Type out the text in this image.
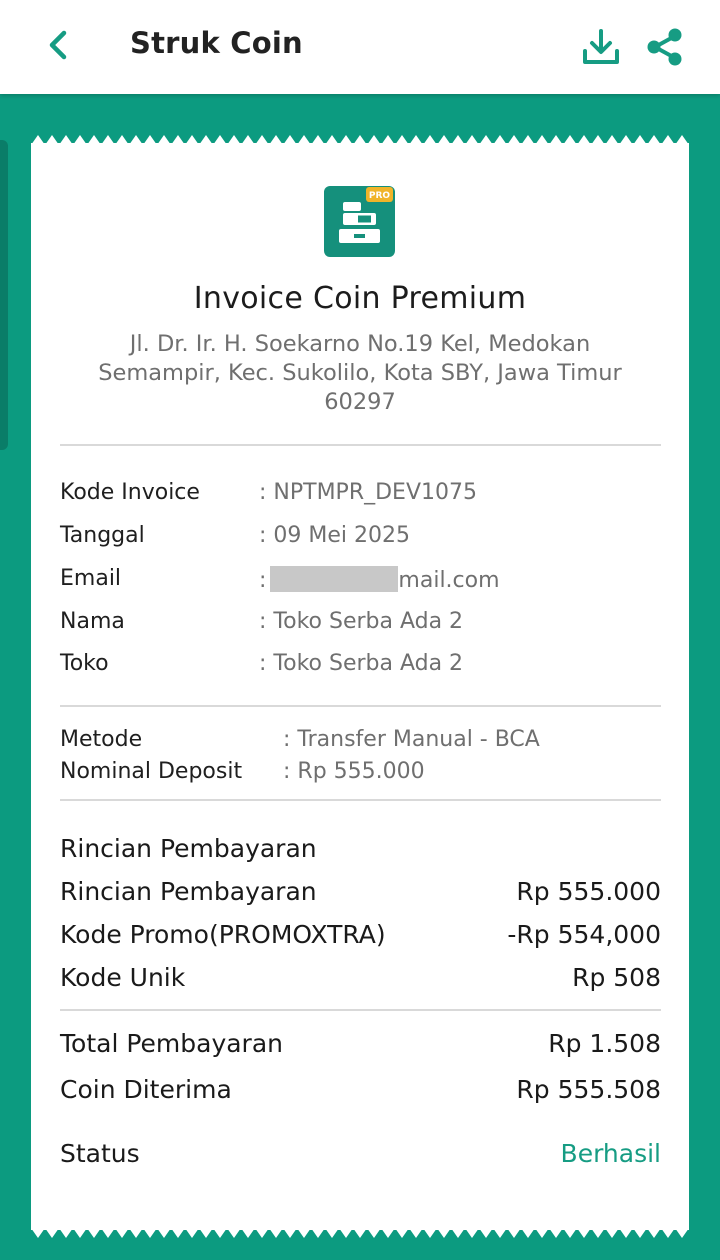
Struk Coin
PRO
Invoice Coin Premium
Jl. Dr. Ir. H. Soekarno No.19 Kel, Medokan Semampir, Kec. Sukolilo, Kota SBY, Jawa Timur 60297
Kode Invoice	: NPTMPR_DEV1075
Tanggal	: 09 Mei 2025
Email	:	mail.com
Nama	: Toko Serba Ada 2
Toko	: Toko Serba Ada 2
Metode	: Transfer Manual - BCA
Nominal Deposit : Rp 555.000
Rincian Pembayaran
Rincian Pembayaran	Rp 555.000
Kode Promo(PROMOXTRA)	-Rp 554,000
Kode Unik	Rp 508
Total Pembayaran	Rp 1.508
Coin Diterima	Rp 555.508
Status	Berhasil
